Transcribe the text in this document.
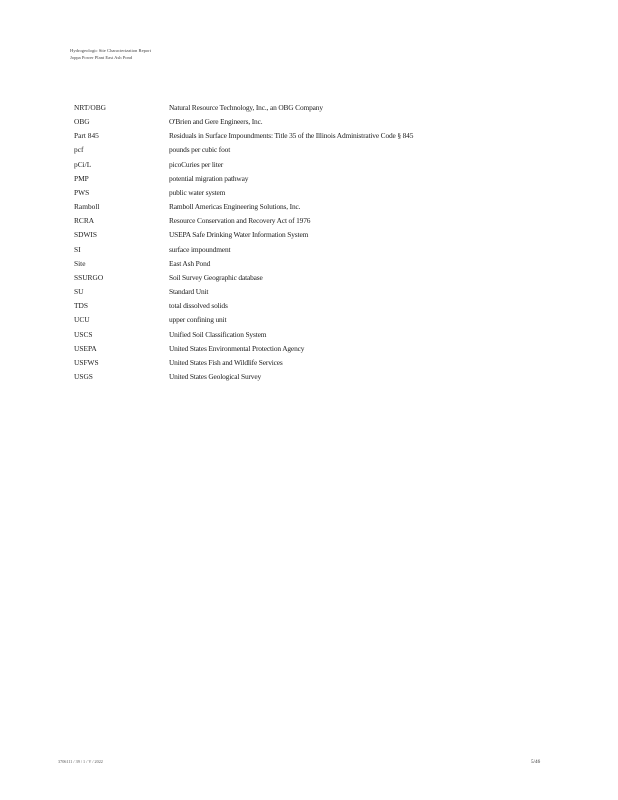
Hydrogeologic Site Characterization Report
Joppa Power Plant East Ash Pond
NRT/OBG	Natural Resource Technology, Inc., an OBG Company
OBG	O'Brien and Gere Engineers, Inc.
Part 845	Residuals in Surface Impoundments: Title 35 of the Illinois Administrative Code § 845
pcf	pounds per cubic foot
pCi/L	picoCuries per liter
PMP	potential migration pathway
PWS	public water system
Ramboll	Ramboll Americas Engineering Solutions, Inc.
RCRA	Resource Conservation and Recovery Act of 1976
SDWIS	USEPA Safe Drinking Water Information System
SI	surface impoundment
Site	East Ash Pond
SSURGO	Soil Survey Geographic database
SU	Standard Unit
TDS	total dissolved solids
UCU	upper confining unit
USCS	Unified Soil Classification System
USEPA	United States Environmental Protection Agency
USFWS	United States Fish and Wildlife Services
USGS	United States Geological Survey
3706111 / 39 / 1 / V / 2022	5/46
